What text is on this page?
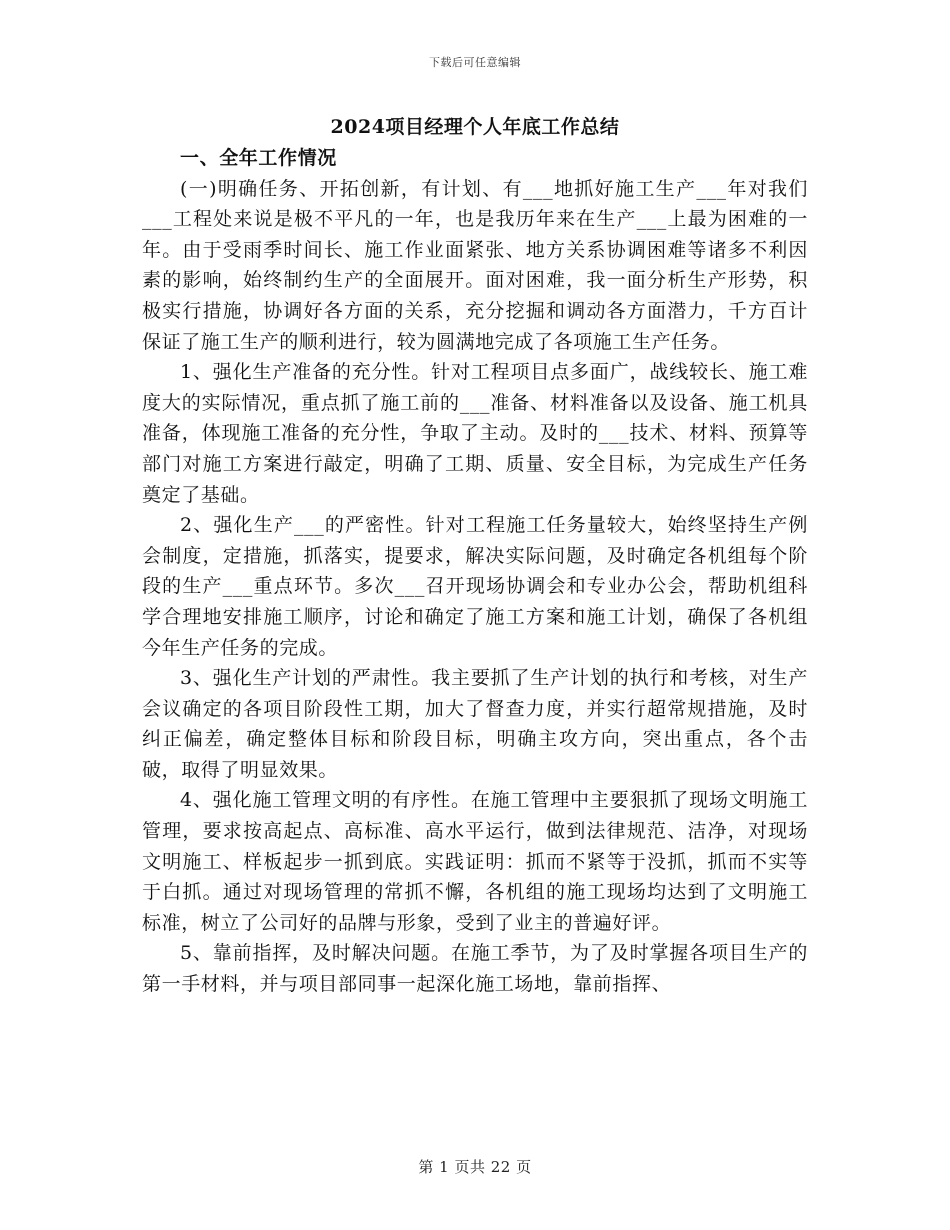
下载后可任意编辑
2024项目经理个人年底工作总结
一、全年工作情况

(一)明确任务、开拓创新，有计划、有___地抓好施工生产___年对我们___工程处来说是极不平凡的一年，也是我历年来在生产___上最为困难的一年。由于受雨季时间长、施工作业面紧张、地方关系协调困难等诸多不利因素的影响，始终制约生产的全面展开。面对困难，我一面分析生产形势，积极实行措施，协调好各方面的关系，充分挖掘和调动各方面潜力，千方百计保证了施工生产的顺利进行，较为圆满地完成了各项施工生产任务。

1、强化生产准备的充分性。针对工程项目点多面广，战线较长、施工难度大的实际情况，重点抓了施工前的___准备、材料准备以及设备、施工机具准备，体现施工准备的充分性，争取了主动。及时的___技术、材料、预算等部门对施工方案进行敲定，明确了工期、质量、安全目标，为完成生产任务奠定了基础。

2、强化生产___的严密性。针对工程施工任务量较大，始终坚持生产例会制度，定措施，抓落实，提要求，解决实际问题，及时确定各机组每个阶段的生产___重点环节。多次___召开现场协调会和专业办公会，帮助机组科学合理地安排施工顺序，讨论和确定了施工方案和施工计划，确保了各机组今年生产任务的完成。

3、强化生产计划的严肃性。我主要抓了生产计划的执行和考核，对生产会议确定的各项目阶段性工期，加大了督查力度，并实行超常规措施，及时纠正偏差，确定整体目标和阶段目标，明确主攻方向，突出重点，各个击破，取得了明显效果。

4、强化施工管理文明的有序性。在施工管理中主要狠抓了现场文明施工管理，要求按高起点、高标准、高水平运行，做到法律规范、洁净，对现场文明施工、样板起步一抓到底。实践证明：抓而不紧等于没抓，抓而不实等于白抓。通过对现场管理的常抓不懈，各机组的施工现场均达到了文明施工标准，树立了公司好的品牌与形象，受到了业主的普遍好评。

5、靠前指挥，及时解决问题。在施工季节，为了及时掌握各项目生产的第一手材料，并与项目部同事一起深化施工场地，靠前指挥、

第 1 页共 22 页
